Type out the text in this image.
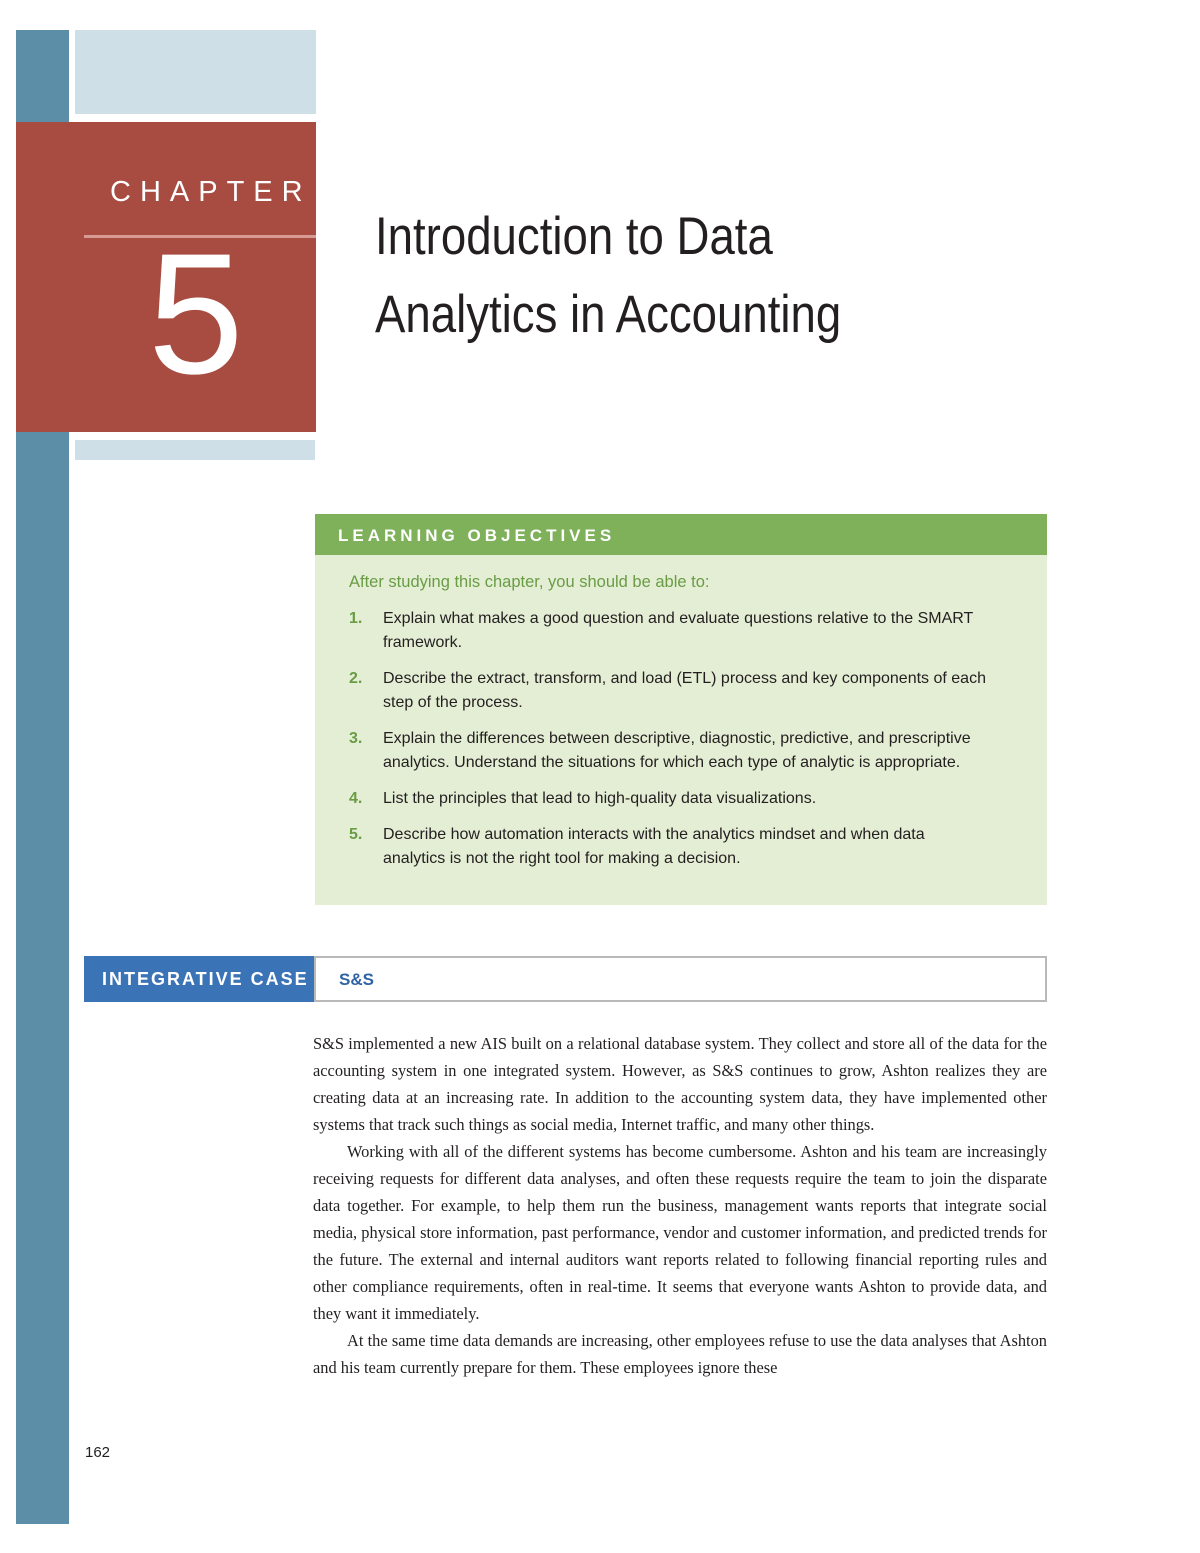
CHAPTER
5 Introduction to Data
Analytics in Accounting
LEARNING OBJECTIVES
After studying this chapter, you should be able to:
1. Explain what makes a good question and evaluate questions relative to the SMART framework.
2. Describe the extract, transform, and load (ETL) process and key components of each step of the process.
3. Explain the differences between descriptive, diagnostic, predictive, and prescriptive analytics. Understand the situations for which each type of analytic is appropriate.
4. List the principles that lead to high-quality data visualizations.
5. Describe how automation interacts with the analytics mindset and when data analytics is not the right tool for making a decision.
INTEGRATIVE CASE S&S

S&S implemented a new AIS built on a relational database system. They collect and store all of the data for the accounting system in one integrated system. However, as S&S continues to grow, Ashton realizes they are creating data at an increasing rate. In addition to the accounting system data, they have implemented other systems that track such things as social media, Internet traffic, and many other things.

Working with all of the different systems has become cumbersome. Ashton and his team are increasingly receiving requests for different data analyses, and often these requests require the team to join the disparate data together. For example, to help them run the business, management wants reports that integrate social media, physical store information, past performance, vendor and customer information, and predicted trends for the future. The external and internal auditors want reports related to following financial reporting rules and other compliance requirements, often in real-time. It seems that everyone wants Ashton to provide data, and they want it immediately.

At the same time data demands are increasing, other employees refuse to use the data analyses that Ashton and his team currently prepare for them. These employees ignore these

162
